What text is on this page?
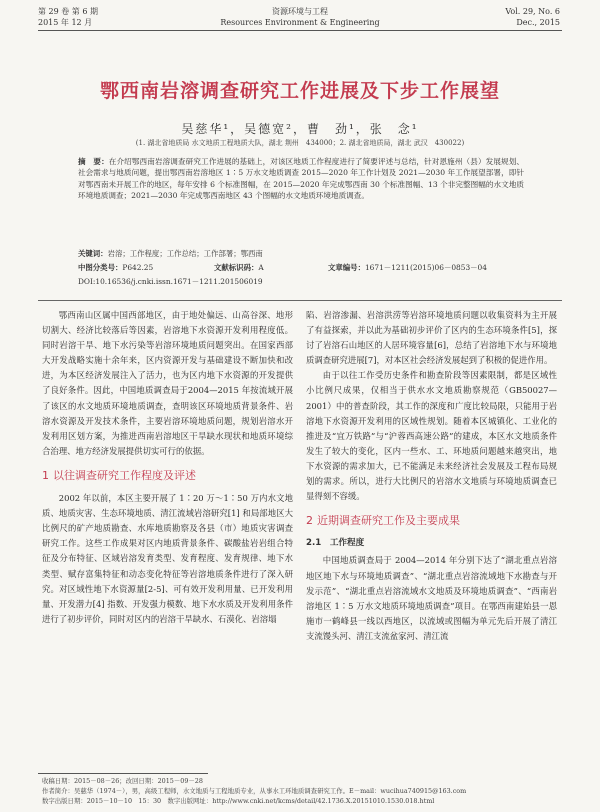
第 29 卷 第 6 期
2015 年 12 月
资源环境与工程
Resources Environment & Engineering
Vol. 29, No. 6
Dec., 2015
鄂西南岩溶调查研究工作进展及下步工作展望
吴慈华¹，吴德宽²，曹　劲¹，张　念¹
(1. 湖北省地质局 水文地质工程地质大队，湖北 荆州　434000；2. 湖北省地质局，湖北 武汉　430022)

摘　要：在介绍鄂西南岩溶调查研究工作进展的基础上，对该区地质工作程度进行了简要评述与总结，针对恩施州（县）发展规划、社会需求与地质问题，提出鄂西南岩溶地区 1∶5 万水文地质调查 2015—2020 年工作计划及 2021—2030 年工作展望部署，即针对鄂西南未开展工作的地区，每年安排 6 个标准图幅，在 2015—2020 年完成鄂西南 30 个标准图幅、13 个非完整图幅的水文地质环境地质调查；2021—2030 年完成鄂西南地区 43 个图幅的水文地质环境地质调查。

关键词：岩溶；工作程度；工作总结；工作部署；鄂西南
中图分类号：P642.25	文献标识码：A	文章编号：1671－1211(2015)06－0853－04
DOI:10.16536/j.cnki.issn.1671－1211.201506019

鄂西南山区属中国西部地区，由于地处偏远、山高谷深、地形切割大、经济比较落后等因素，岩溶地下水资源开发利用程度低。同时岩溶干旱、地下水污染等岩溶环境地质问题突出。在国家西部大开发战略实施十余年来，区内资源开发与基础建设不断加快和改进，为本区经济发展注入了活力，也为区内地下水资源的开发提供了良好条件。因此，中国地质调查局于2004—2015 年按流域开展了该区的水文地质环境地质调查，查明该区环境地质背景条件、岩溶水资源及开发技术条件，主要岩溶环境地质问题，规划岩溶水开发利用区划方案，为推进西南岩溶地区干旱缺水现状和地质环境综合治理、地方经济发展提供切实可行的依据。

1 以往调查研究工作程度及评述

2002 年以前，本区主要开展了 1∶20 万～1∶50 万内水文地质、地质灾害、生态环境地质、清江流域岩溶研究[1] 和局部地区大比例尺的矿产地质勘查、水库地质勘察及各县（市）地质灾害调查研究工作。这些工作成果对区内地质背景条件、碳酸盐岩岩组合特征及分布特征、区域岩溶发育类型、发育程度、发育规律、地下水类型、赋存富集特征和动态变化特征等岩溶地质条件进行了深入研究。对区域性地下水资源量[2-5]、可有效开发利用量、已开发利用量、开发潜力[4] 指数、开发强力模数、地下水水质及开发利用条件进行了初步评价，同时对区内的岩溶干旱缺水、石漠化、岩溶塌

陷、岩溶渗漏、岩溶洪涝等岩溶环境地质问题以收集资料为主开展了有益探索，并以此为基础初步评价了区内的生态环境条件[5]，探讨了岩溶石山地区的人居环境容量[6]，总结了岩溶地下水与环境地质调查研究进展[7]，对本区社会经济发展起到了积极的促进作用。

由于以往工作受历史条件和勘查阶段等因素限制，都是区域性小比例尺成果，仅相当于供水水文地质勘察规范（GB50027—2001）中的普查阶段，其工作的深度和广度比较局限，只能用于岩溶地下水资源开发利用的区域性规划。随着本区城镇化、工业化的推进及“宜万铁路”与“沪蓉西高速公路”的建成，本区水文地质条件发生了较大的变化，区内一些水、工、环地质问题越来越突出，地下水资源的需求加大，已不能满足未来经济社会发展及工程布局规划的需求。所以，进行大比例尺的岩溶水文地质与环境地质调查已显得刻不容缓。

2 近期调查研究工作及主要成果
2.1　工作程度

中国地质调查局于 2004—2014 年分别下达了“湖北重点岩溶地区地下水与环境地质调查”、“湖北重点岩溶流域地下水勘查与开发示范”、“湖北重点岩溶流域水文地质及环境地质调查”、“西南岩溶地区 1∶5 万水文地质环境地质调查”项目。在鄂西南建始县一恩施市一鹤峰县一线以西地区，以流域或图幅为单元先后开展了清江支流馒头河、清江支流盆家河、清江流

收稿日期：2015－08－26；改回日期：2015－09－28
作者简介：吴慈华（1974－），男，高级工程师，水文地质与工程地质专业，从事水工环地质调查研究工作。E－mail：wucihua740915@163.com
数字出版日期：2015－10－10　15：30　数字出版网址：http://www.cnki.net/kcms/detail/42.1736.X.20151010.1530.018.html
